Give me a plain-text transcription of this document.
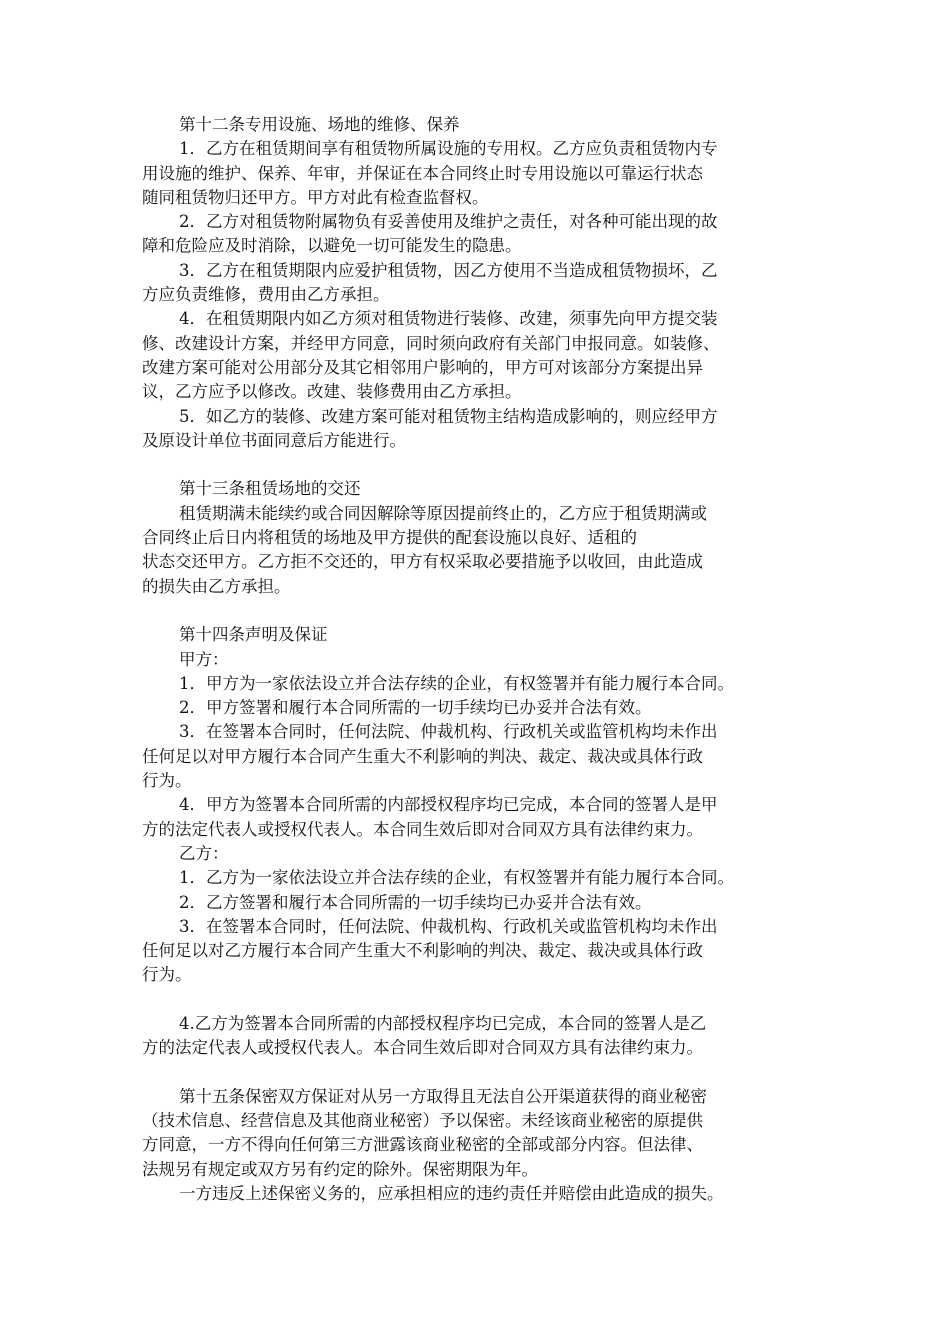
第十二条专用设施、场地的维修、保养
1．乙方在租赁期间享有租赁物所属设施的专用权。乙方应负责租赁物内专
用设施的维护、保养、年审，并保证在本合同终止时专用设施以可靠运行状态
随同租赁物归还甲方。甲方对此有检查监督权。
2．乙方对租赁物附属物负有妥善使用及维护之责任，对各种可能出现的故
障和危险应及时消除，以避免一切可能发生的隐患。
3．乙方在租赁期限内应爱护租赁物，因乙方使用不当造成租赁物损坏，乙
方应负责维修，费用由乙方承担。
4．在租赁期限内如乙方须对租赁物进行装修、改建，须事先向甲方提交装
修、改建设计方案，并经甲方同意，同时须向政府有关部门申报同意。如装修、
改建方案可能对公用部分及其它相邻用户影响的，甲方可对该部分方案提出异
议，乙方应予以修改。改建、装修费用由乙方承担。
5．如乙方的装修、改建方案可能对租赁物主结构造成影响的，则应经甲方
及原设计单位书面同意后方能进行。
第十三条租赁场地的交还
租赁期满未能续约或合同因解除等原因提前终止的，乙方应于租赁期满或
合同终止后日内将租赁的场地及甲方提供的配套设施以良好、适租的
状态交还甲方。乙方拒不交还的，甲方有权采取必要措施予以收回，由此造成
的损失由乙方承担。
第十四条声明及保证
甲方：
1．甲方为一家依法设立并合法存续的企业，有权签署并有能力履行本合同。
2．甲方签署和履行本合同所需的一切手续均已办妥并合法有效。
3．在签署本合同时，任何法院、仲裁机构、行政机关或监管机构均未作出
任何足以对甲方履行本合同产生重大不利影响的判决、裁定、裁决或具体行政
行为。
4．甲方为签署本合同所需的内部授权程序均已完成，本合同的签署人是甲
方的法定代表人或授权代表人。本合同生效后即对合同双方具有法律约束力。
乙方：
1．乙方为一家依法设立并合法存续的企业，有权签署并有能力履行本合同。
2．乙方签署和履行本合同所需的一切手续均已办妥并合法有效。
3．在签署本合同时，任何法院、仲裁机构、行政机关或监管机构均未作出
任何足以对乙方履行本合同产生重大不利影响的判决、裁定、裁决或具体行政
行为。
4.乙方为签署本合同所需的内部授权程序均已完成，本合同的签署人是乙
方的法定代表人或授权代表人。本合同生效后即对合同双方具有法律约束力。
第十五条保密双方保证对从另一方取得且无法自公开渠道获得的商业秘密
（技术信息、经营信息及其他商业秘密）予以保密。未经该商业秘密的原提供
方同意，一方不得向任何第三方泄露该商业秘密的全部或部分内容。但法律、
法规另有规定或双方另有约定的除外。保密期限为年。
一方违反上述保密义务的，应承担相应的违约责任并赔偿由此造成的损失。
